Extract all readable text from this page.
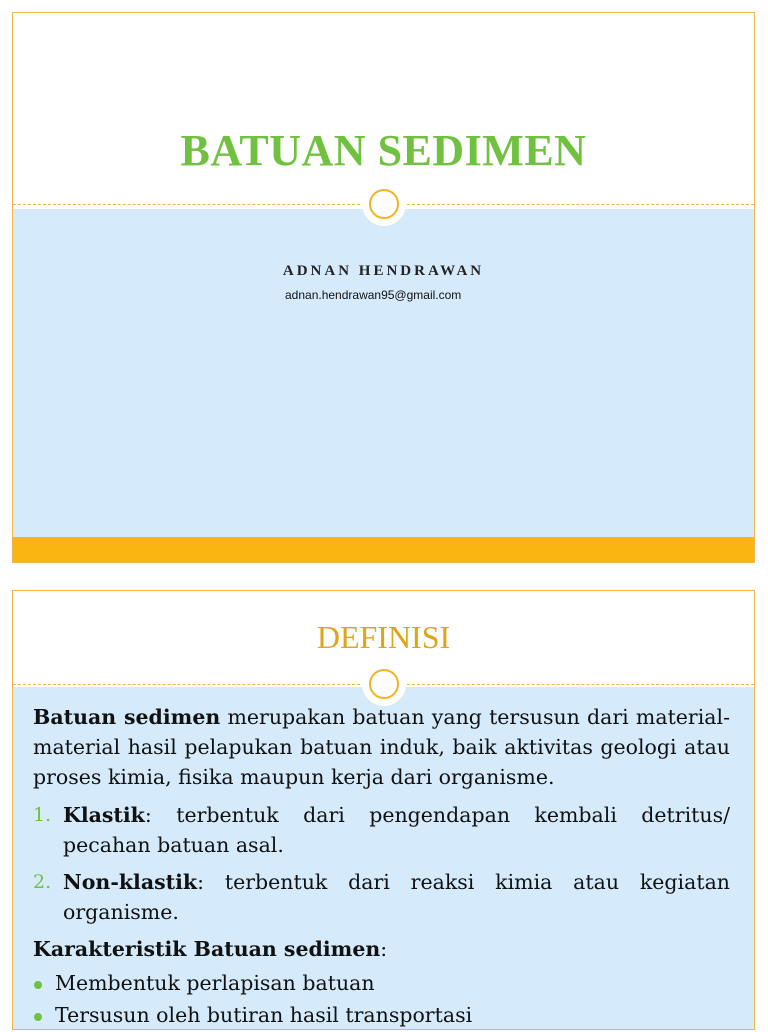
BATUAN SEDIMEN
ADNAN HENDRAWAN
adnan.hendrawan95@gmail.com
DEFINISI

Batuan sedimen merupakan batuan yang tersusun dari material-material hasil pelapukan batuan induk, baik aktivitas geologi atau proses kimia, fisika maupun kerja dari organisme.

1. Klastik: terbentuk dari pengendapan kembali detritus/ pecahan batuan asal.
2. Non-klastik: terbentuk dari reaksi kimia atau kegiatan organisme.
Karakteristik Batuan sedimen:
Membentuk perlapisan batuan
Tersusun oleh butiran hasil transportasi
